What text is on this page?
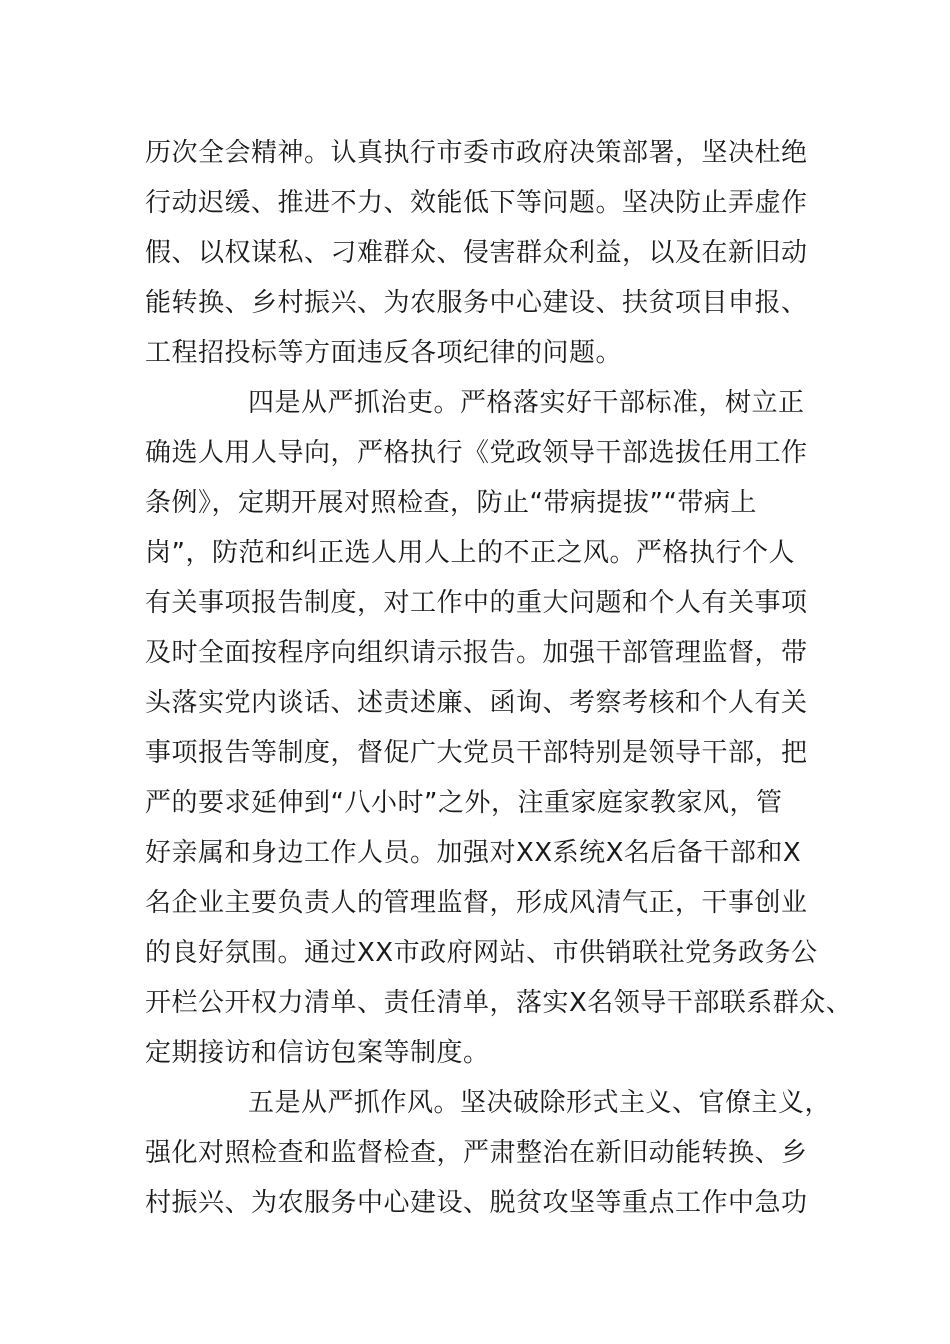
历次全会精神。认真执行市委市政府决策部署，坚决杜绝
行动迟缓、推进不力、效能低下等问题。坚决防止弄虚作
假、以权谋私、刁难群众、侵害群众利益，以及在新旧动
能转换、乡村振兴、为农服务中心建设、扶贫项目申报、
工程招投标等方面违反各项纪律的问题。
四是从严抓治吏。严格落实好干部标准，树立正
确选人用人导向，严格执行《党政领导干部选拔任用工作
条例》，定期开展对照检查，防止“带病提拔”“带病上
岗”，防范和纠正选人用人上的不正之风。严格执行个人
有关事项报告制度，对工作中的重大问题和个人有关事项
及时全面按程序向组织请示报告。加强干部管理监督，带
头落实党内谈话、述责述廉、函询、考察考核和个人有关
事项报告等制度，督促广大党员干部特别是领导干部，把
严的要求延伸到“八小时”之外，注重家庭家教家风，管
好亲属和身边工作人员。加强对XX系统X名后备干部和X
名企业主要负责人的管理监督，形成风清气正，干事创业
的良好氛围。通过XX市政府网站、市供销联社党务政务公
开栏公开权力清单、责任清单，落实X名领导干部联系群众、
定期接访和信访包案等制度。
五是从严抓作风。坚决破除形式主义、官僚主义，
强化对照检查和监督检查，严肃整治在新旧动能转换、乡
村振兴、为农服务中心建设、脱贫攻坚等重点工作中急功
